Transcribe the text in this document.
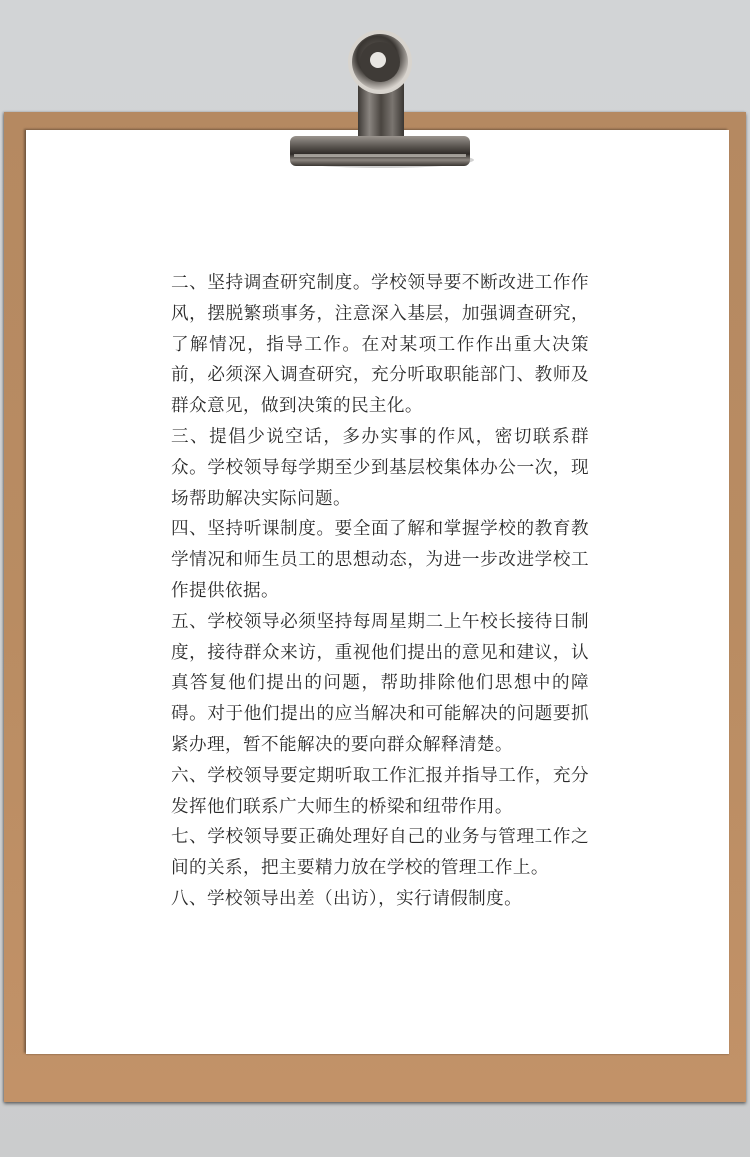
二、坚持调查研究制度。学校领导要不断改进工作作风，摆脱繁琐事务，注意深入基层，加强调查研究，了解情况，指导工作。在对某项工作作出重大决策前，必须深入调查研究，充分听取职能部门、教师及群众意见，做到决策的民主化。

三、提倡少说空话，多办实事的作风，密切联系群众。学校领导每学期至少到基层校集体办公一次，现场帮助解决实际问题。

四、坚持听课制度。要全面了解和掌握学校的教育教学情况和师生员工的思想动态，为进一步改进学校工作提供依据。

五、学校领导必须坚持每周星期二上午校长接待日制度，接待群众来访，重视他们提出的意见和建议，认真答复他们提出的问题，帮助排除他们思想中的障碍。对于他们提出的应当解决和可能解决的问题要抓紧办理，暂不能解决的要向群众解释清楚。

六、学校领导要定期听取工作汇报并指导工作，充分发挥他们联系广大师生的桥梁和纽带作用。

七、学校领导要正确处理好自己的业务与管理工作之间的关系，把主要精力放在学校的管理工作上。

八、学校领导出差（出访），实行请假制度。
